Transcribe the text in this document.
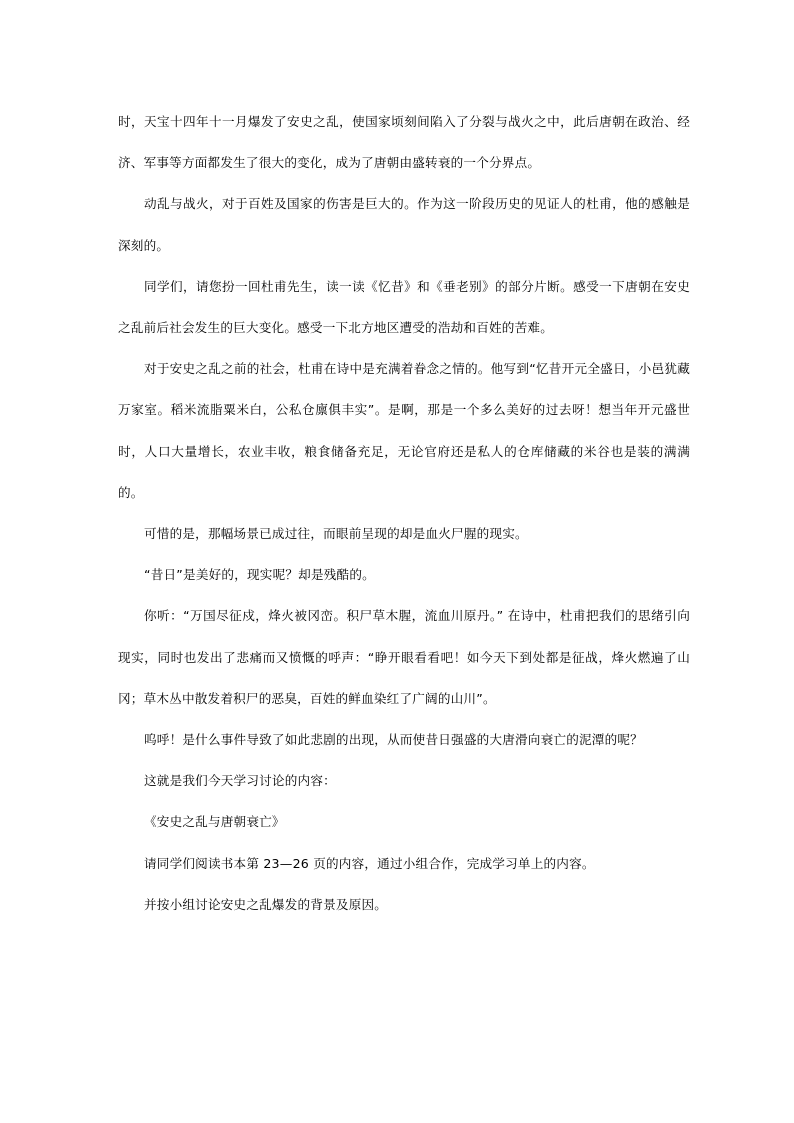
时，天宝十四年十一月爆发了安史之乱，使国家顷刻间陷入了分裂与战火之中，此后唐朝在政治、经济、军事等方面都发生了很大的变化，成为了唐朝由盛转衰的一个分界点。

动乱与战火，对于百姓及国家的伤害是巨大的。作为这一阶段历史的见证人的杜甫，他的感触是深刻的。

同学们，请您扮一回杜甫先生，读一读《忆昔》和《垂老别》的部分片断。感受一下唐朝在安史之乱前后社会发生的巨大变化。感受一下北方地区遭受的浩劫和百姓的苦难。

对于安史之乱之前的社会，杜甫在诗中是充满着眷念之情的。他写到“忆昔开元全盛日，小邑犹藏万家室。稻米流脂粟米白，公私仓廪俱丰实”。是啊，那是一个多么美好的过去呀！想当年开元盛世时，人口大量增长，农业丰收，粮食储备充足，无论官府还是私人的仓库储藏的米谷也是装的满满的。

可惜的是，那幅场景已成过往，而眼前呈现的却是血火尸腥的现实。

“昔日”是美好的，现实呢？却是残酷的。

你听：“万国尽征戍，烽火被冈峦。积尸草木腥，流血川原丹。” 在诗中，杜甫把我们的思绪引向现实，同时也发出了悲痛而又愤慨的呼声：“睁开眼看看吧！如今天下到处都是征战，烽火燃遍了山冈；草木丛中散发着积尸的恶臭，百姓的鲜血染红了广阔的山川”。

呜呼！是什么事件导致了如此悲剧的出现，从而使昔日强盛的大唐滑向衰亡的泥潭的呢？

这就是我们今天学习讨论的内容：

《安史之乱与唐朝衰亡》

请同学们阅读书本第 23—26 页的内容，通过小组合作，完成学习单上的内容。

并按小组讨论安史之乱爆发的背景及原因。
